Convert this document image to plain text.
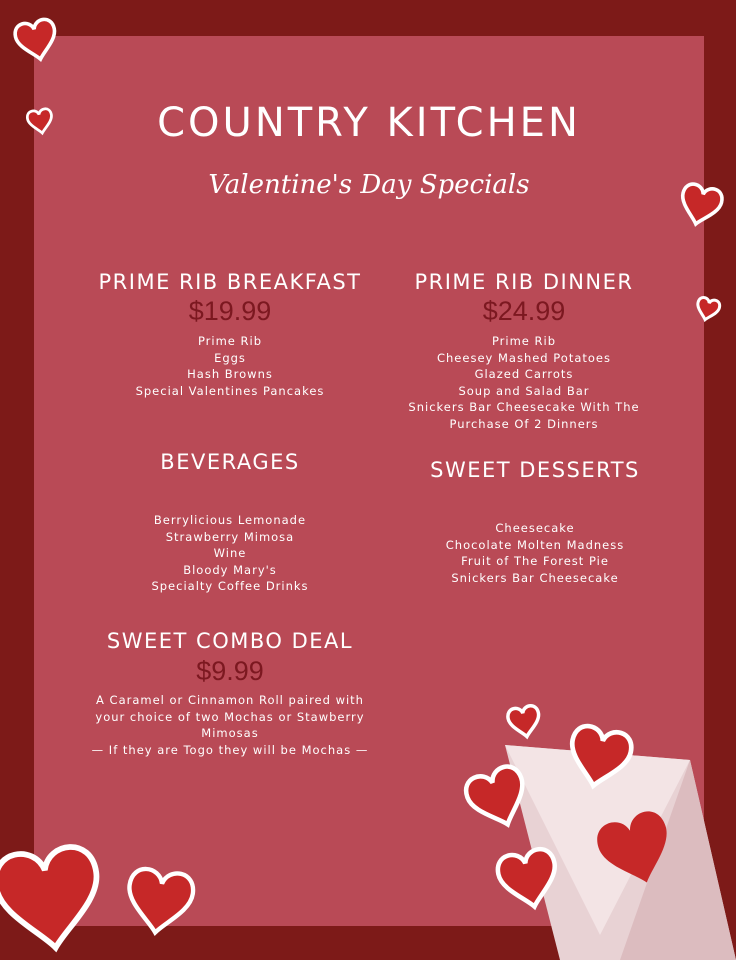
COUNTRY KITCHEN
Valentine's Day Specials
PRIME RIB BREAKFAST
$19.99
Prime Rib
Eggs
Hash Browns
Special Valentines Pancakes
PRIME RIB DINNER
$24.99
Prime Rib
Cheesey Mashed Potatoes
Glazed Carrots
Soup and Salad Bar
Snickers Bar Cheesecake With The
Purchase Of 2 Dinners
BEVERAGES
Berrylicious Lemonade
Strawberry Mimosa
Wine
Bloody Mary's
Specialty Coffee Drinks
SWEET DESSERTS
Cheesecake
Chocolate Molten Madness
Fruit of The Forest Pie
Snickers Bar Cheesecake
SWEET COMBO DEAL
$9.99
A Caramel or Cinnamon Roll paired with
your choice of two Mochas or Stawberry
Mimosas
— If they are Togo they will be Mochas —
